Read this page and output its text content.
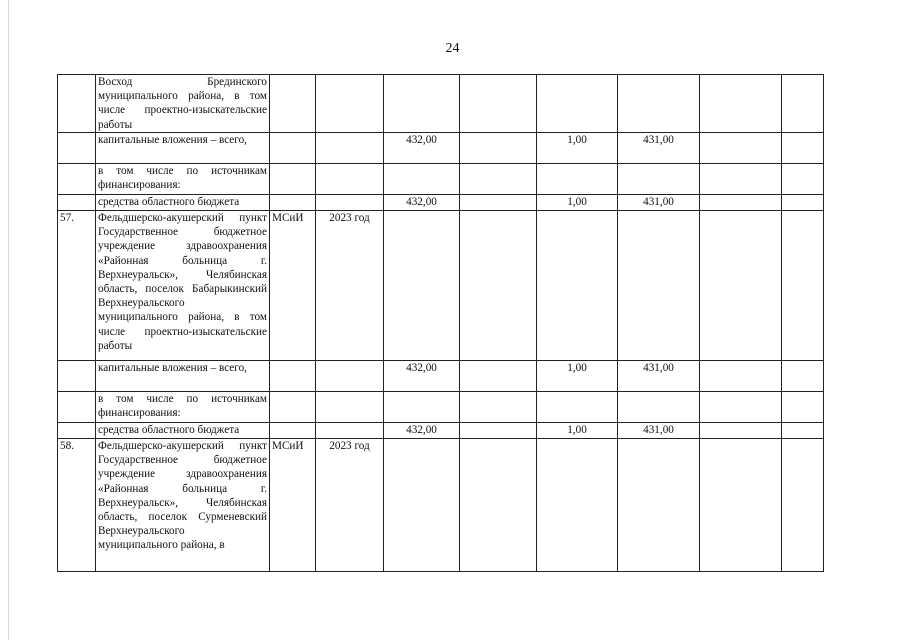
24
	Восход Брединского муниципального района, в том числе проектно-изыскательские работы								
	капитальные вложения – всего,			432,00		1,00	431,00		
	в том числе по источникам финансирования:								
	средства областного бюджета			432,00		1,00	431,00		
57.	Фельдшерско-акушерский пункт Государственное бюджетное учреждение здравоохранения «Районная больница г. Верхнеуральск», Челябинская область, поселок Бабарыкинский Верхнеуральского муниципального района, в том числе проектно-изыскательские работы	МСиИ	2023 год						
	капитальные вложения – всего,			432,00		1,00	431,00		
	в том числе по источникам финансирования:								
	средства областного бюджета			432,00		1,00	431,00		
58.	Фельдшерско-акушерский пункт Государственное бюджетное учреждение здравоохранения «Районная больница г. Верхнеуральск», Челябинская область, поселок Сурменевский Верхнеуральского муниципального района, в	МСиИ	2023 год						
